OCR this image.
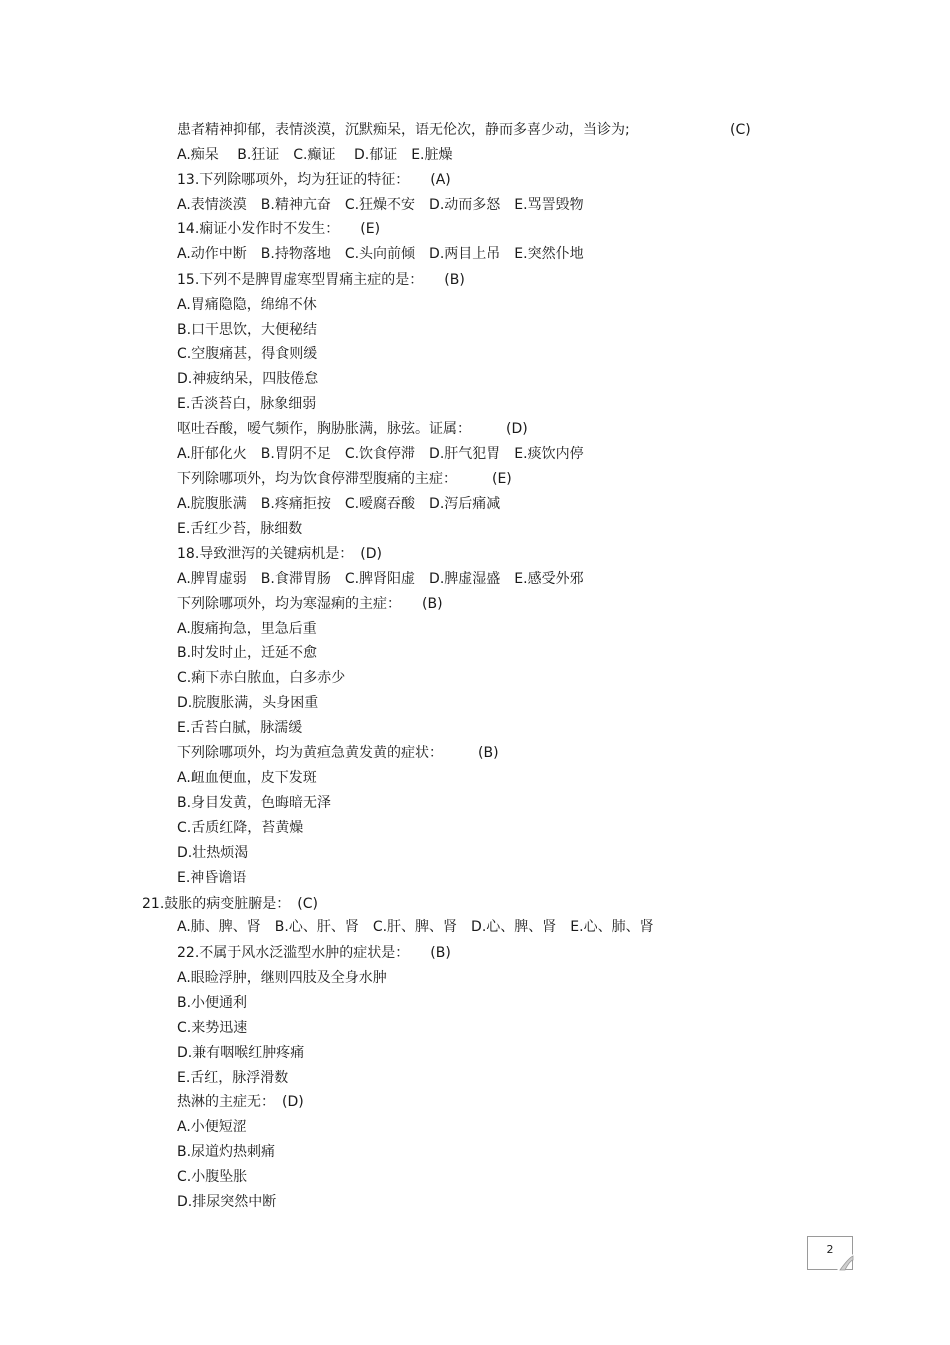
患者精神抑郁，表情淡漠，沉默痴呆，语无伦次，静而多喜少动，当诊为;	(C)
A.痴呆　 B.狂证　C.癫证　 D.郁证　E.脏燥
13.下列除哪项外，均为狂证的特征：　　(A)
A.表情淡漠　B.精神亢奋　C.狂燥不安　D.动而多怒　E.骂詈毁物
14.痫证小发作时不发生：　　(E)
A.动作中断　B.持物落地　C.头向前倾　D.两目上吊　E.突然仆地
15.下列不是脾胃虚寒型胃痛主症的是：　　(B)
A.胃痛隐隐，绵绵不休
B.口干思饮，大便秘结
C.空腹痛甚，得食则缓
D.神疲纳呆，四肢倦怠
E.舌淡苔白，脉象细弱
呕吐吞酸，嗳气频作，胸胁胀满，脉弦。证属：　　　(D)
A.肝郁化火　B.胃阴不足　C.饮食停滞　D.肝气犯胃　E.痰饮内停
下列除哪项外，均为饮食停滞型腹痛的主症：　　　(E)
A.脘腹胀满　B.疼痛拒按　C.嗳腐吞酸　D.泻后痛减
E.舌红少苔，脉细数
18.导致泄泻的关键病机是：　(D)
A.脾胃虚弱　B.食滞胃肠　C.脾肾阳虚　D.脾虚湿盛　E.感受外邪
下列除哪项外，均为寒湿痢的主症：　　(B)
A.腹痛拘急，里急后重
B.时发时止，迁延不愈
C.痢下赤白脓血，白多赤少
D.脘腹胀满，头身困重
E.舌苔白腻，脉濡缓
下列除哪项外，均为黄疸急黄发黄的症状：　　　(B)
A.衄血便血，皮下发斑
B.身目发黄，色晦暗无泽
C.舌质红降，苔黄燥
D.壮热烦渴
E.神昏谵语
21.鼓胀的病变脏腑是：　(C)
A.肺、脾、肾　B.心、肝、肾　C.肝、脾、肾　D.心、脾、肾　E.心、肺、肾
22.不属于风水泛滥型水肿的症状是：　　(B)
A.眼睑浮肿，继则四肢及全身水肿
B.小便通利
C.来势迅速
D.兼有咽喉红肿疼痛
E.舌红，脉浮滑数
热淋的主症无：　(D)
A.小便短涩
B.尿道灼热刺痛
C.小腹坠胀
D.排尿突然中断
2
